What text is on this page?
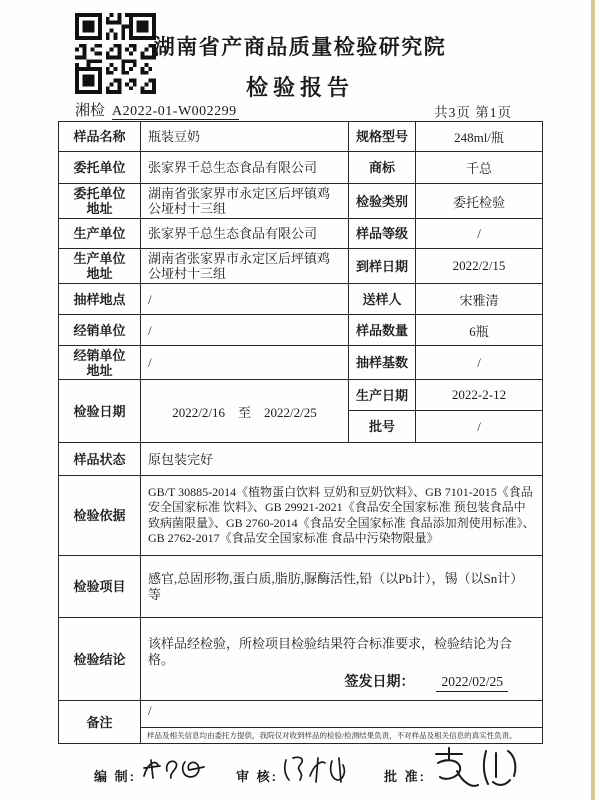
湖南省产商品质量检验研究院
检验报告
湘检 A2022-01-W002299	共3页 第1页
样品名称	瓶装豆奶	规格型号	248ml/瓶
委托单位	张家界千总生态食品有限公司	商标	千总
委托单位地址	湖南省张家界市永定区后坪镇鸡公垭村十三组	检验类别	委托检验
生产单位	张家界千总生态食品有限公司	样品等级	/
生产单位地址	湖南省张家界市永定区后坪镇鸡公垭村十三组	到样日期	2022/2/15
抽样地点	/	送样人	宋雅清
经销单位	/	样品数量	6瓶
经销单位地址	/	抽样基数	/
检验日期	2022/2/16　至　2022/2/25	生产日期	2022-2-12
		批号	/
样品状态	原包装完好		
检验依据	GB/T 30885-2014《植物蛋白饮料 豆奶和豆奶饮料》、GB 7101-2015《食品安全国家标准 饮料》、GB 29921-2021《食品安全国家标准 预包装食品中致病菌限量》、GB 2760-2014《食品安全国家标准 食品添加剂使用标准》、GB 2762-2017《食品安全国家标准 食品中污染物限量》		
检验项目	感官,总固形物,蛋白质,脂肪,脲酶活性,铅（以Pb计），锡（以Sn计）等		
检验结论	该样品经检验，所检项目检验结果符合标准要求，检验结论为合格。
签发日期： 2022/02/25		

备注	/
样品及相关信息均由委托方提供，我院仅对收到样品的检验/检测结果负责，不对样品及相关信息的真实性负责。		
编 制:	审 核:	批 准:
